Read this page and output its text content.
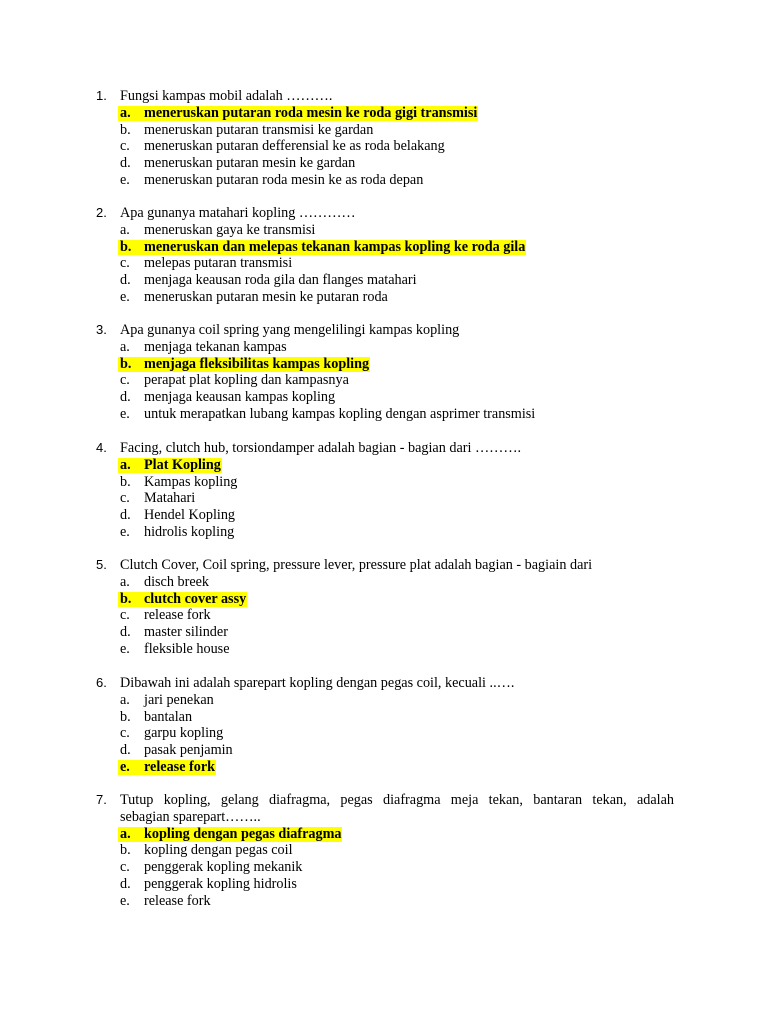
1. Fungsi kampas mobil adalah ……….
a. meneruskan putaran roda mesin ke roda gigi transmisi
b. meneruskan putaran transmisi ke gardan
c. meneruskan putaran defferensial ke as roda belakang
d. meneruskan putaran mesin ke gardan
e. meneruskan putaran roda mesin ke as roda depan
2. Apa gunanya matahari kopling …………
a. meneruskan gaya ke transmisi
b. meneruskan dan melepas tekanan kampas kopling ke roda gila
c. melepas putaran transmisi
d. menjaga keausan roda gila dan flanges matahari
e. meneruskan putaran mesin ke putaran roda
3. Apa gunanya coil spring yang mengelilingi kampas kopling
a. menjaga tekanan kampas
b. menjaga fleksibilitas kampas kopling
c. perapat plat kopling dan kampasnya
d. menjaga keausan kampas kopling
e. untuk merapatkan lubang kampas kopling dengan asprimer transmisi
4. Facing, clutch hub, torsiondamper adalah bagian - bagian dari ……….
a. Plat Kopling
b. Kampas kopling
c. Matahari
d. Hendel Kopling
e. hidrolis kopling
5. Clutch Cover, Coil spring, pressure lever, pressure plat adalah bagian - bagiain dari
a. disch breek
b. clutch cover assy
c. release fork
d. master silinder
e. fleksible house
6. Dibawah ini adalah sparepart kopling dengan pegas coil, kecuali ..….
a. jari penekan
b. bantalan
c. garpu kopling
d. pasak penjamin
e. release fork
7. Tutup kopling, gelang diafragma, pegas diafragma meja tekan, bantaran tekan, adalah
sebagian sparepart……..
a. kopling dengan pegas diafragma
b. kopling dengan pegas coil
c. penggerak kopling mekanik
d. penggerak kopling hidrolis
e. release fork
